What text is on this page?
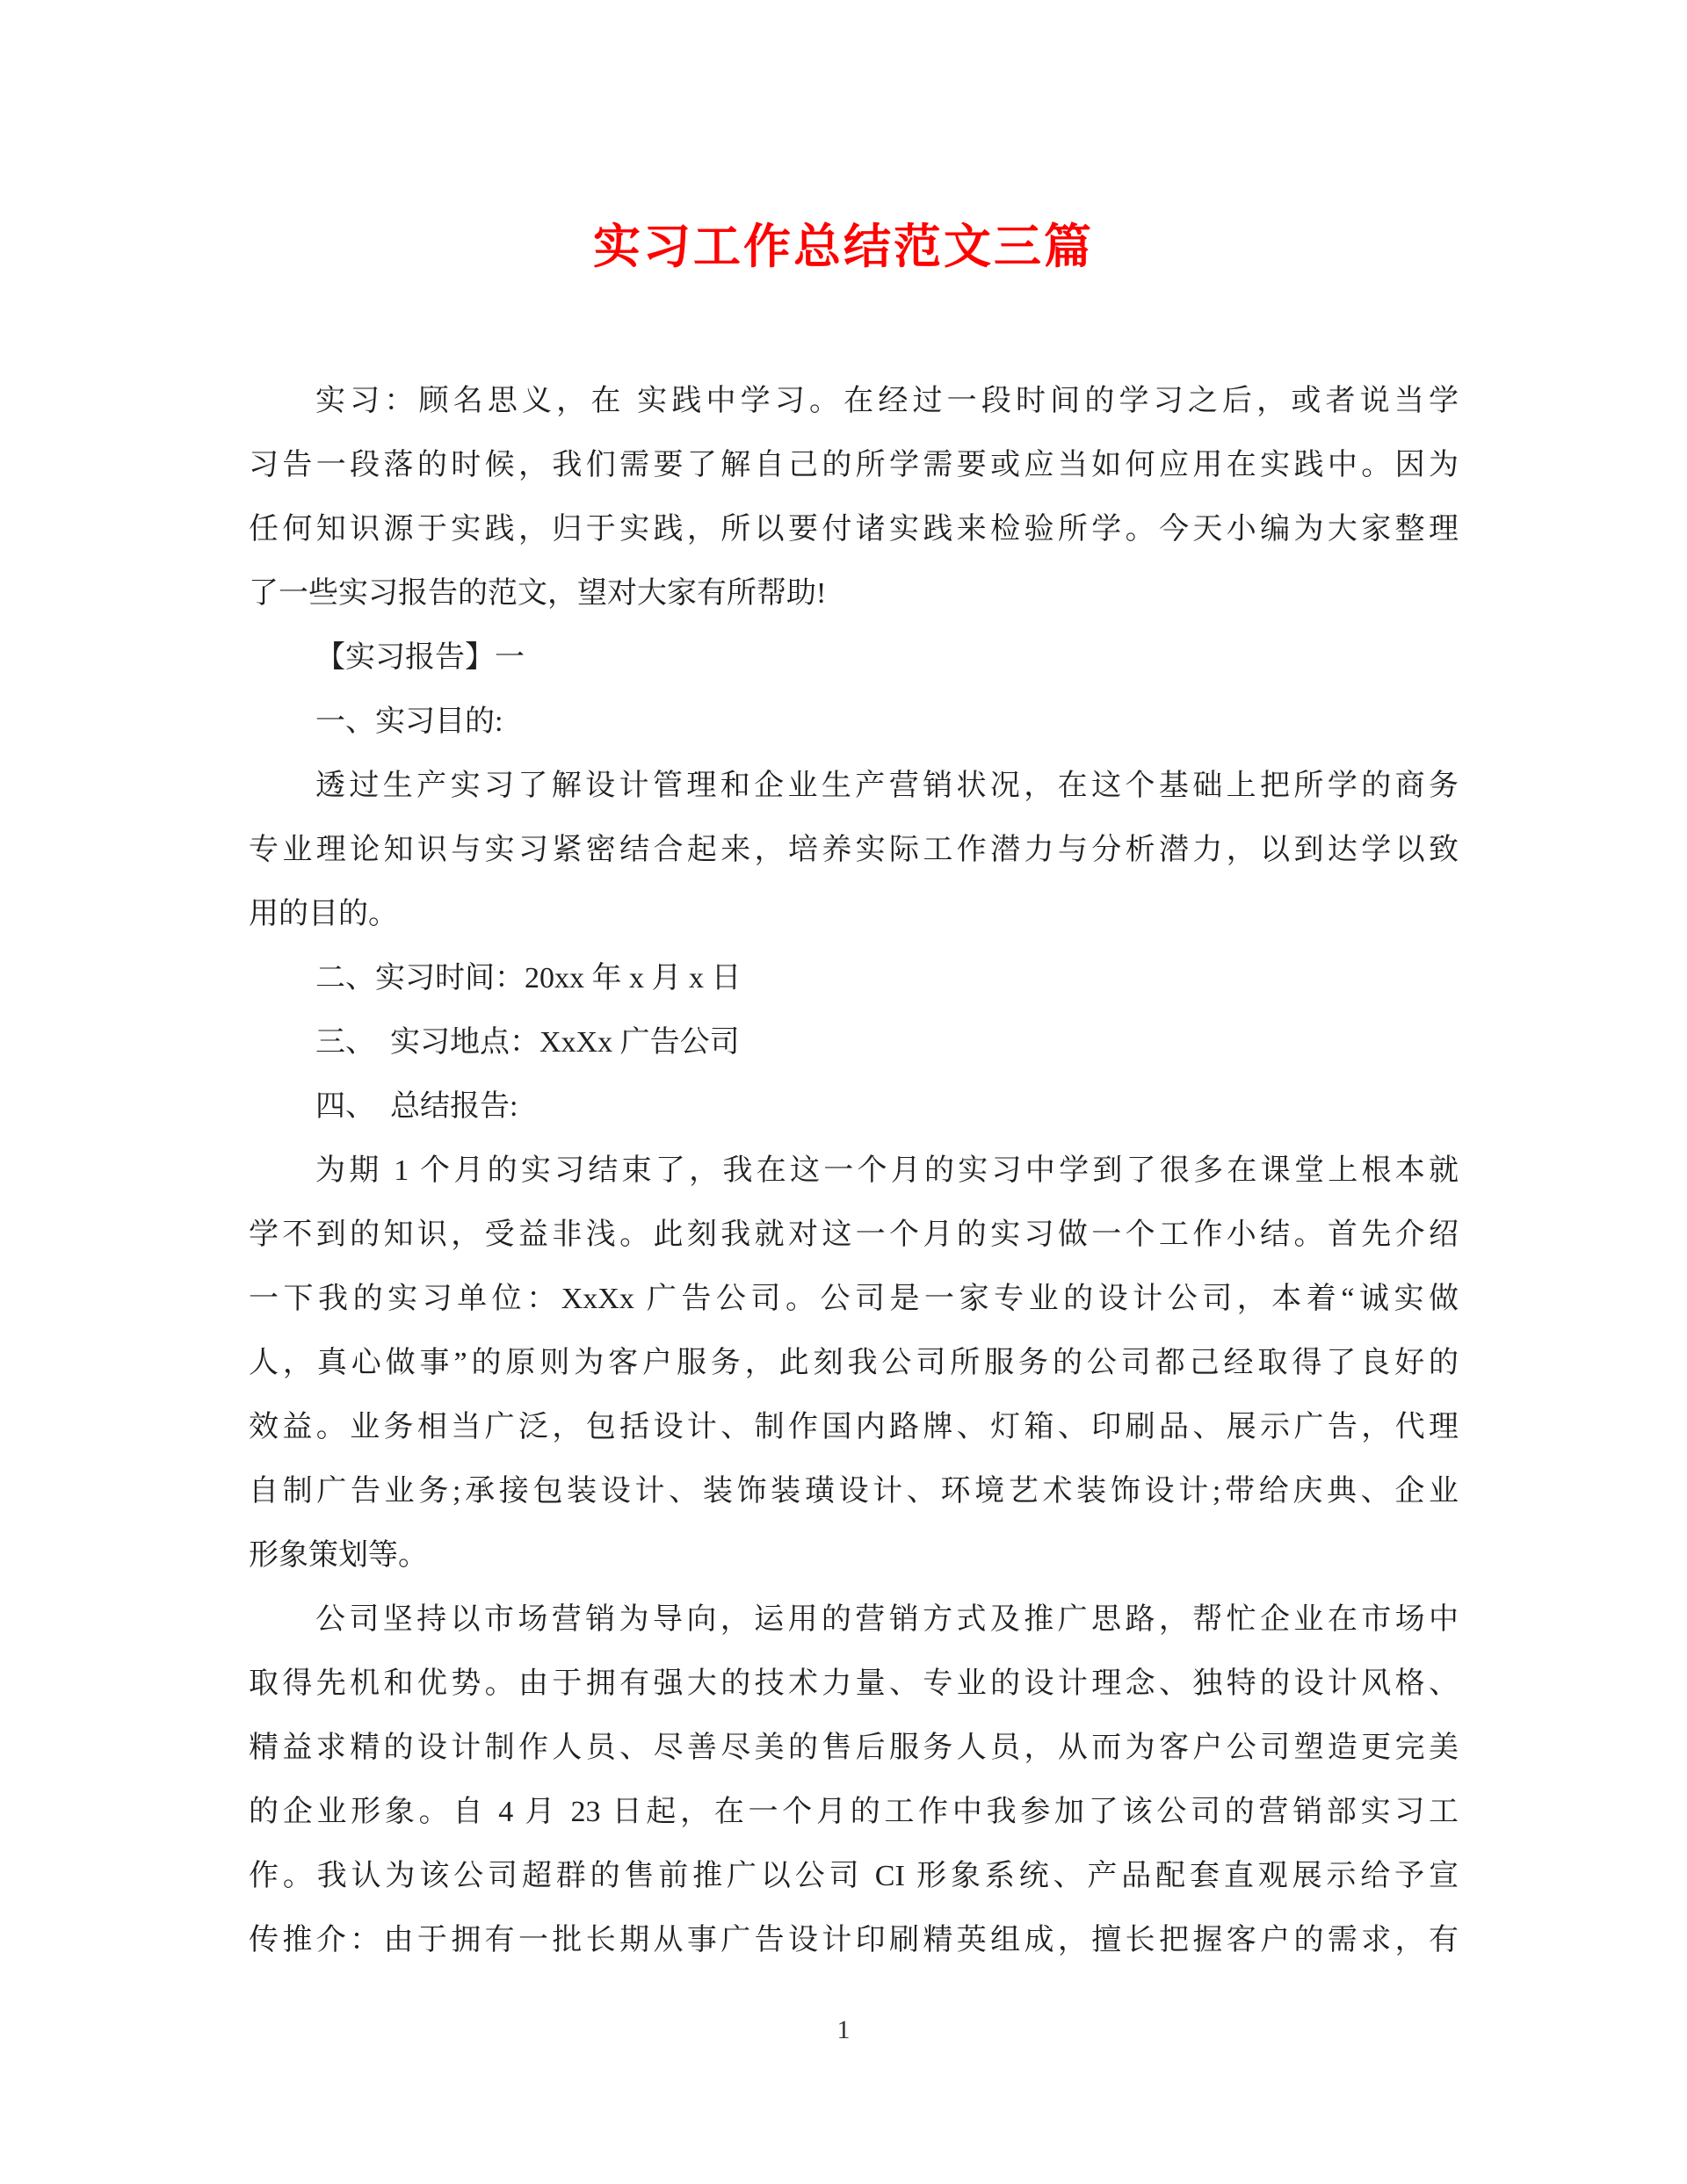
实习工作总结范文三篇
实习：顾名思义，在 实践中学习。在经过一段时间的学习之后，或者说当学
习告一段落的时候，我们需要了解自己的所学需要或应当如何应用在实践中。因为
任何知识源于实践，归于实践，所以要付诸实践来检验所学。今天小编为大家整理
了一些实习报告的范文，望对大家有所帮助!
【实习报告】一
一、实习目的:
透过生产实习了解设计管理和企业生产营销状况，在这个基础上把所学的商务
专业理论知识与实习紧密结合起来，培养实际工作潜力与分析潜力，以到达学以致
用的目的。
二、实习时间：20xx 年 x 月 x 日
三、　实习地点：XxXx 广告公司
四、　总结报告:
为期 1 个月的实习结束了，我在这一个月的实习中学到了很多在课堂上根本就
学不到的知识，受益非浅。此刻我就对这一个月的实习做一个工作小结。首先介绍
一下我的实习单位：XxXx 广告公司。公司是一家专业的设计公司，本着“诚实做
人，真心做事”的原则为客户服务，此刻我公司所服务的公司都己经取得了良好的
效益。业务相当广泛，包括设计、制作国内路牌、灯箱、印刷品、展示广告，代理
自制广告业务;承接包装设计、装饰装璜设计、环境艺术装饰设计;带给庆典、企业
形象策划等。
公司坚持以市场营销为导向，运用的营销方式及推广思路，帮忙企业在市场中
取得先机和优势。由于拥有强大的技术力量、专业的设计理念、独特的设计风格、
精益求精的设计制作人员、尽善尽美的售后服务人员，从而为客户公司塑造更完美
的企业形象。自 4 月 23 日起，在一个月的工作中我参加了该公司的营销部实习工
作。我认为该公司超群的售前推广以公司 CI 形象系统、产品配套直观展示给予宣
传推介：由于拥有一批长期从事广告设计印刷精英组成，擅长把握客户的需求，有
1
